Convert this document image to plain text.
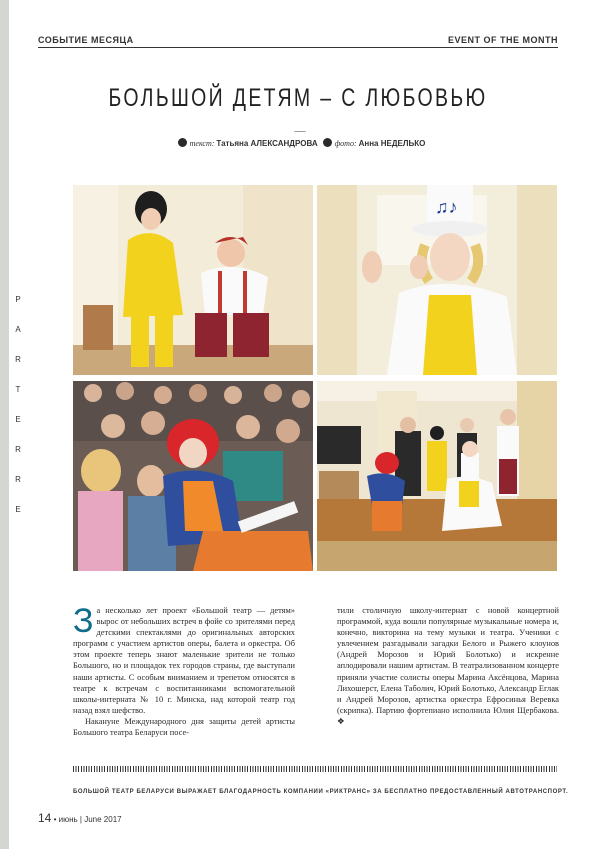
СОБЫТИЕ МЕСЯЦА	EVENT OF THE MONTH
P
A
R
T
E
R
R
E
БОЛЬШОЙ ДЕТЯМ – С ЛЮБОВЬЮ
—
текст: Татьяна АЛЕКСАНДРОВА фото: Анна НЕДЕЛЬКО
♫♪

За несколько лет проект «Большой театр — детям» вырос от небольших встреч в фойе со зрителями перед детскими спектаклями до оригинальных авторских программ с участием артистов оперы, балета и оркестра. Об этом проекте теперь знают маленькие зрители не только Большого, но и площадок тех городов страны, где выступали наши артисты. С особым вниманием и трепетом относятся в театре к встречам с воспитанниками вспомогательной школы-интерната № 10 г. Минска, над которой театр год назад взял шефство.

Накануне Международного дня защиты детей артисты Большого театра Беларуси посе-

тили столичную школу-интернат с новой концертной программой, куда вошли популярные музыкальные номера и, конечно, викторина на тему музыки и театра. Ученики с увлечением разгадывали загадки Белого и Рыжего клоунов (Андрей Морозов и Юрий Болотько) и искренне аплодировали нашим артистам. В театрализованном концерте приняли участие солисты оперы Марина Аксёнцова, Марина Лихошерст, Елена Таболич, Юрий Болотько, Александр Еглак и Андрей Морозов, артистка оркестра Ефросинья Веревка (скрипка). Партию фортепиано исполнила Юлия Щербакова. ❖

БОЛЬШОЙ ТЕАТР БЕЛАРУСИ ВЫРАЖАЕТ БЛАГОДАРНОСТЬ КОМПАНИИ «РИКТРАНС» ЗА БЕСПЛАТНО ПРЕДОСТАВЛЕННЫЙ АВТОТРАНСПОРТ.
14 • июнь | June 2017
